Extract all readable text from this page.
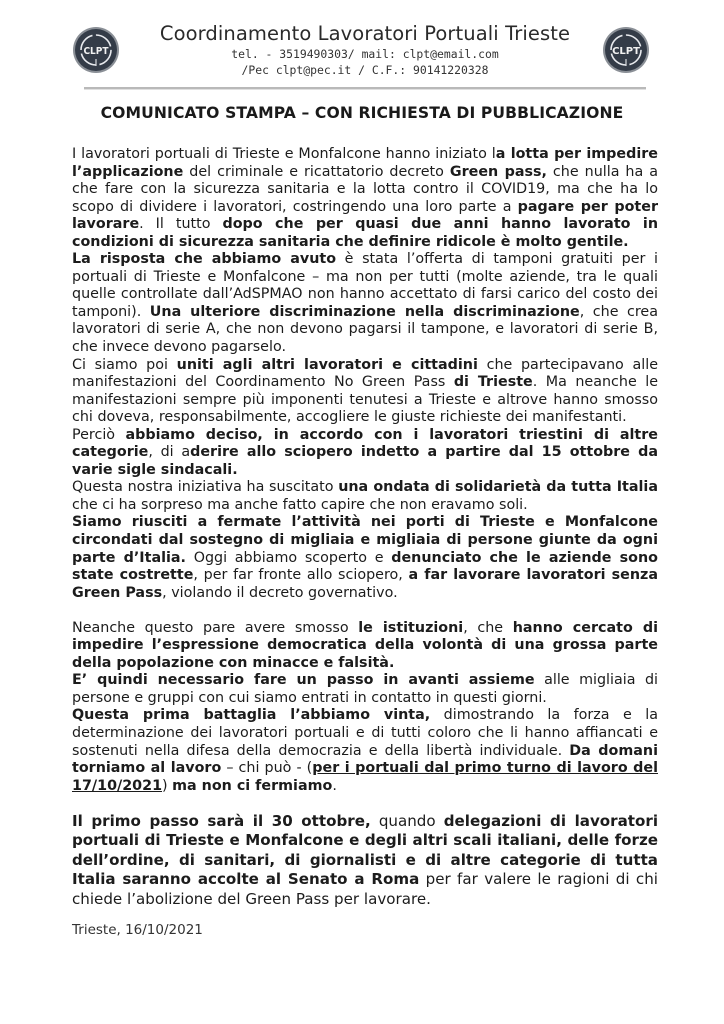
CLPT	CLPT
Coordinamento Lavoratori Portuali Trieste
tel. - 3519490303/ mail: clpt@email.com
/Pec clpt@pec.it / C.F.: 90141220328
COMUNICATO STAMPA – CON RICHIESTA DI PUBBLICAZIONE

I lavoratori portuali di Trieste e Monfalcone hanno iniziato la lotta per impedire l’applicazione del criminale e ricattatorio decreto Green pass, che nulla ha a che fare con la sicurezza sanitaria e la lotta contro il COVID19, ma che ha lo scopo di dividere i lavoratori, costringendo una loro parte a pagare per poter lavorare. Il tutto dopo che per quasi due anni hanno lavorato in condizioni di sicurezza sanitaria che definire ridicole è molto gentile.

La risposta che abbiamo avuto è stata l’offerta di tamponi gratuiti per i portuali di Trieste e Monfalcone – ma non per tutti (molte aziende, tra le quali quelle controllate dall’AdSPMAO non hanno accettato di farsi carico del costo dei tamponi). Una ulteriore discriminazione nella discriminazione, che crea lavoratori di serie A, che non devono pagarsi il tampone, e lavoratori di serie B, che invece devono pagarselo.

Ci siamo poi uniti agli altri lavoratori e cittadini che partecipavano alle manifestazioni del Coordinamento No Green Pass di Trieste. Ma neanche le manifestazioni sempre più imponenti tenutesi a Trieste e altrove hanno smosso chi doveva, responsabilmente, accogliere le giuste richieste dei manifestanti.

Perciò abbiamo deciso, in accordo con i lavoratori triestini di altre categorie, di aderire allo sciopero indetto a partire dal 15 ottobre da varie sigle sindacali.

Questa nostra iniziativa ha suscitato una ondata di solidarietà da tutta Italia che ci ha sorpreso ma anche fatto capire che non eravamo soli.

Siamo riusciti a fermate l’attività nei porti di Trieste e Monfalcone circondati dal sostegno di migliaia e migliaia di persone giunte da ogni parte d’Italia. Oggi abbiamo scoperto e denunciato che le aziende sono state costrette, per far fronte allo sciopero, a far lavorare lavoratori senza Green Pass, violando il decreto governativo.

Neanche questo pare avere smosso le istituzioni, che hanno cercato di impedire l’espressione democratica della volontà di una grossa parte della popolazione con minacce e falsità.

E’ quindi necessario fare un passo in avanti assieme alle migliaia di persone e gruppi con cui siamo entrati in contatto in questi giorni.

Questa prima battaglia l’abbiamo vinta, dimostrando la forza e la determinazione dei lavoratori portuali e di tutti coloro che li hanno affiancati e sostenuti nella difesa della democrazia e della libertà individuale. Da domani torniamo al lavoro – chi può - (per i portuali dal primo turno di lavoro del 17/10/2021) ma non ci fermiamo.

Il primo passo sarà il 30 ottobre, quando delegazioni di lavoratori portuali di Trieste e Monfalcone e degli altri scali italiani, delle forze dell’ordine, di sanitari, di giornalisti e di altre categorie di tutta Italia saranno accolte al Senato a Roma per far valere le ragioni di chi chiede l’abolizione del Green Pass per lavorare.

Trieste, 16/10/2021
